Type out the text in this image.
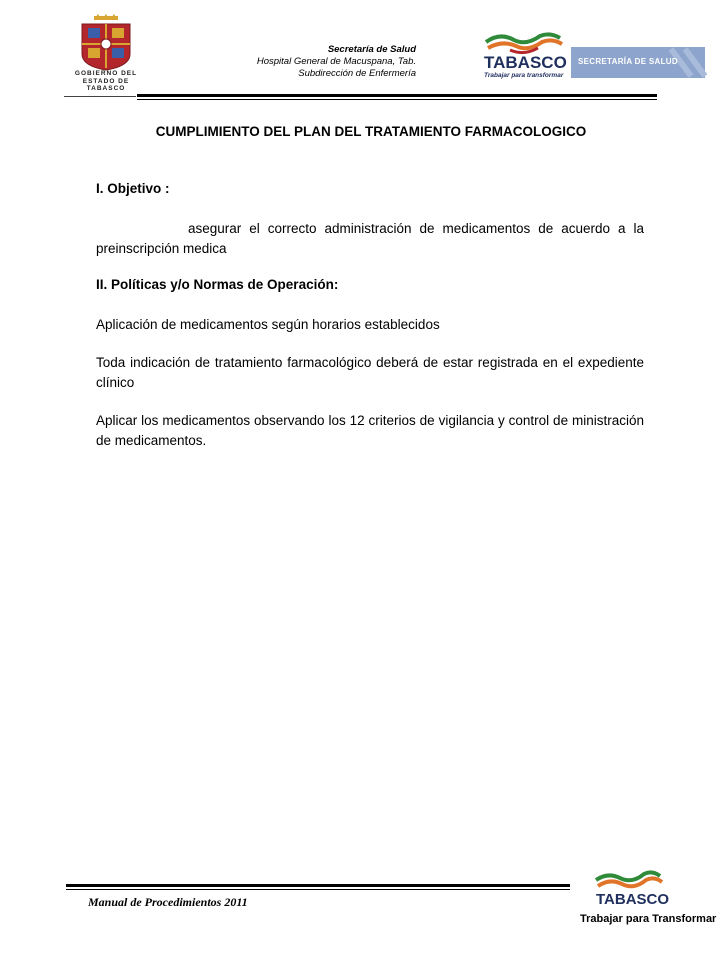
GOBIERNO DEL
ESTADO DE
TABASCO
Secretaría de Salud
Hospital General de Macuspana, Tab.
Subdirección de Enfermería
TABASCO
Trabajar para transformar
SECRETARÍA DE SALUD
CUMPLIMIENTO DEL PLAN DEL TRATAMIENTO FARMACOLOGICO
I. Objetivo :
asegurar el correcto administración de medicamentos de acuerdo a la preinscripción medica
II. Políticas y/o Normas de Operación:
Aplicación de medicamentos según horarios establecidos
Toda indicación de tratamiento farmacológico deberá de estar registrada en el expediente clínico
Aplicar los medicamentos observando los 12 criterios de vigilancia y control de ministración de medicamentos.
Manual de Procedimientos 2011	TABASCO
Trabajar para Transformar
